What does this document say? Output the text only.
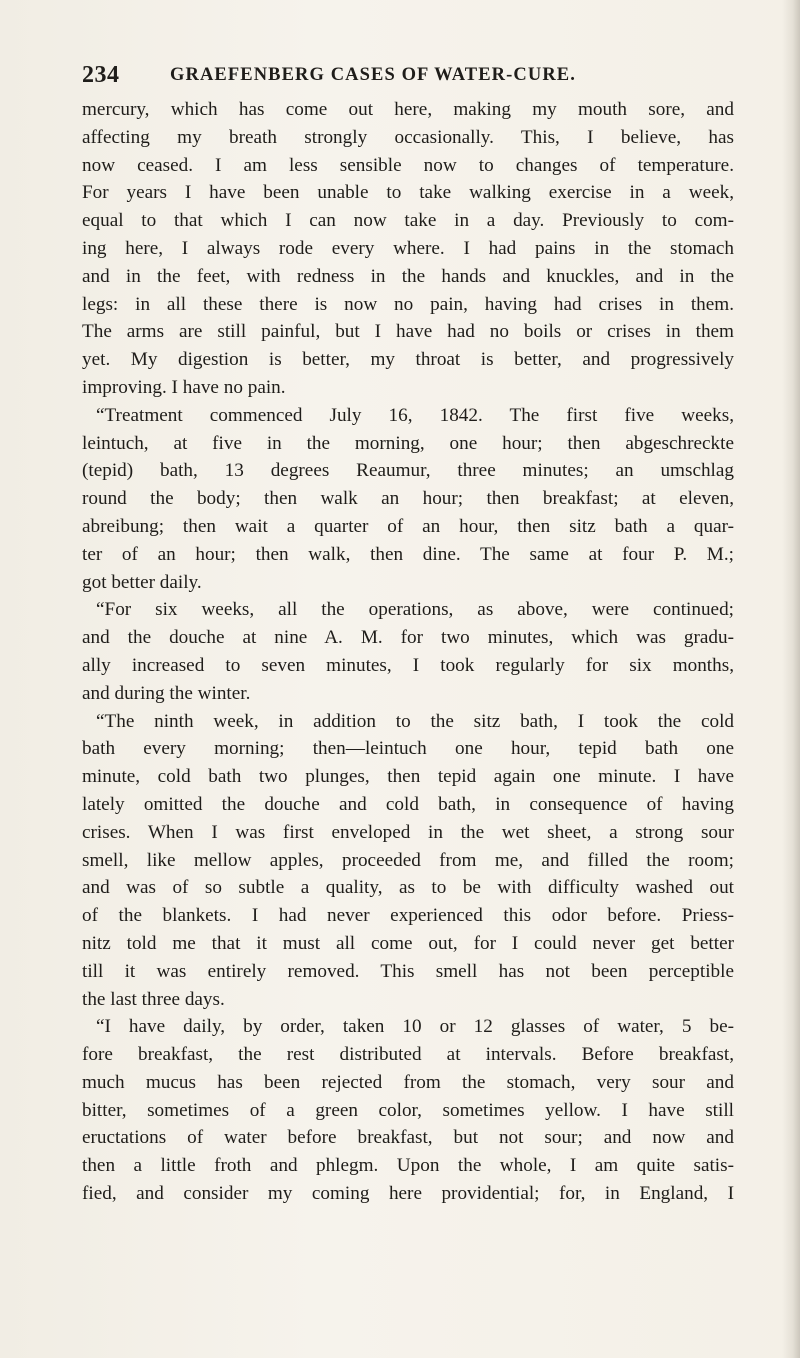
234	GRAEFENBERG CASES OF WATER-CURE.
mercury, which has come out here, making my mouth sore, and
affecting my breath strongly occasionally. This, I believe, has
now ceased. I am less sensible now to changes of temperature.
For years I have been unable to take walking exercise in a week,
equal to that which I can now take in a day. Previously to com-
ing here, I always rode every where. I had pains in the stomach
and in the feet, with redness in the hands and knuckles, and in the
legs: in all these there is now no pain, having had crises in them.
The arms are still painful, but I have had no boils or crises in them
yet. My digestion is better, my throat is better, and progressively
improving. I have no pain.
“Treatment commenced July 16, 1842. The first five weeks,
leintuch, at five in the morning, one hour; then abgeschreckte
(tepid) bath, 13 degrees Reaumur, three minutes; an umschlag
round the body; then walk an hour; then breakfast; at eleven,
abreibung; then wait a quarter of an hour, then sitz bath a quar-
ter of an hour; then walk, then dine. The same at four P. M.;
got better daily.
“For six weeks, all the operations, as above, were continued;
and the douche at nine A. M. for two minutes, which was gradu-
ally increased to seven minutes, I took regularly for six months,
and during the winter.
“The ninth week, in addition to the sitz bath, I took the cold
bath every morning; then—leintuch one hour, tepid bath one
minute, cold bath two plunges, then tepid again one minute. I have
lately omitted the douche and cold bath, in consequence of having
crises. When I was first enveloped in the wet sheet, a strong sour
smell, like mellow apples, proceeded from me, and filled the room;
and was of so subtle a quality, as to be with difficulty washed out
of the blankets. I had never experienced this odor before. Priess-
nitz told me that it must all come out, for I could never get better
till it was entirely removed. This smell has not been perceptible
the last three days.
“I have daily, by order, taken 10 or 12 glasses of water, 5 be-
fore breakfast, the rest distributed at intervals. Before breakfast,
much mucus has been rejected from the stomach, very sour and
bitter, sometimes of a green color, sometimes yellow. I have still
eructations of water before breakfast, but not sour; and now and
then a little froth and phlegm. Upon the whole, I am quite satis-
fied, and consider my coming here providential; for, in England, I
